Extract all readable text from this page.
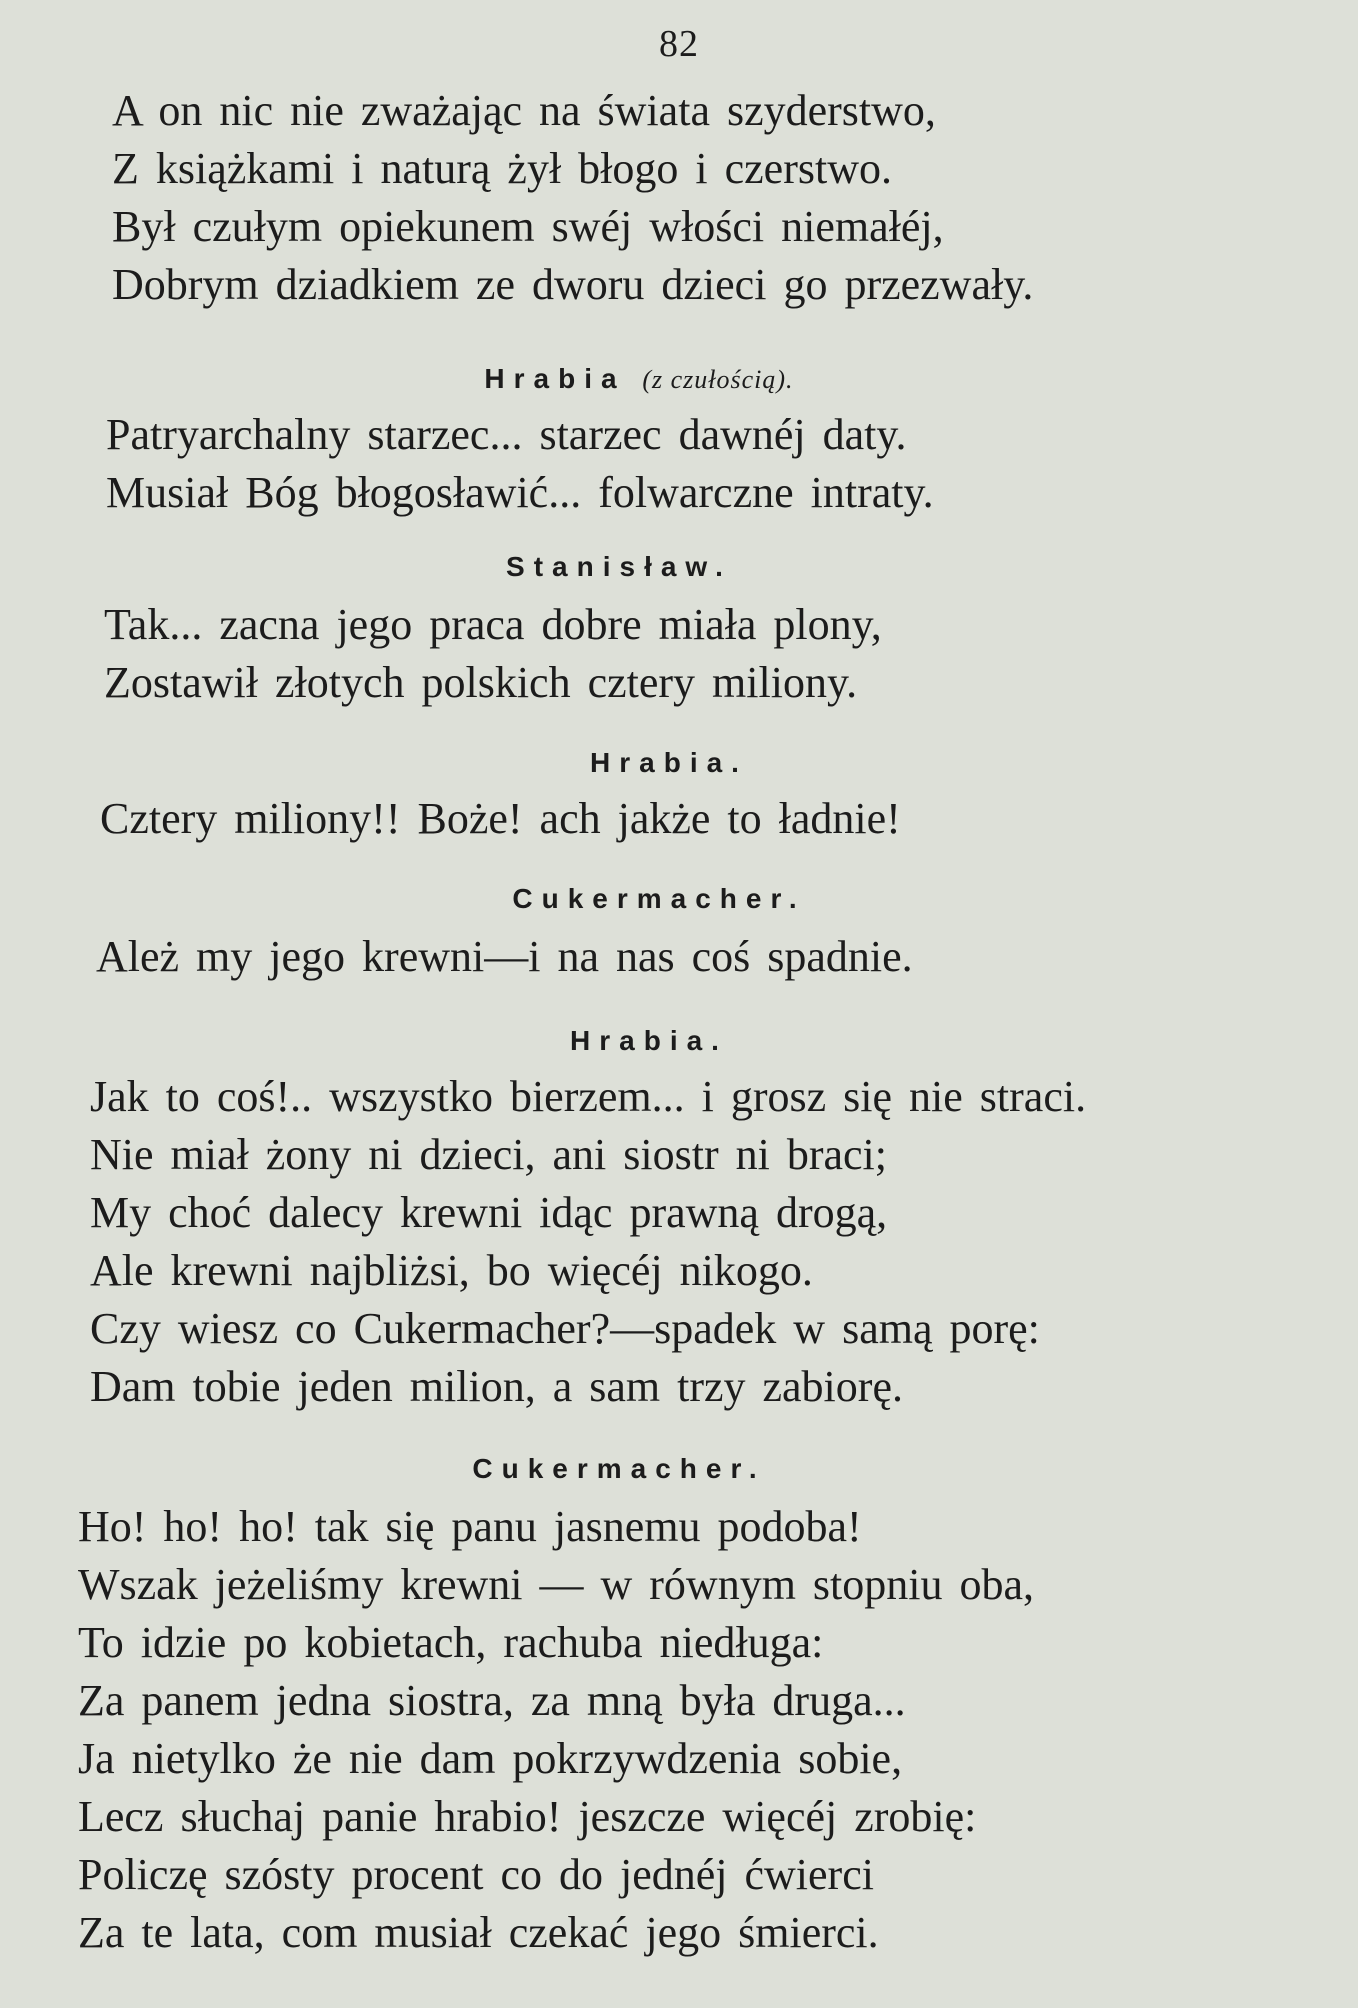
82
A on nic nie zważając na świata szyderstwo,
Z książkami i naturą żył błogo i czerstwo.
Był czułym opiekunem swéj włości niemałéj,
Dobrym dziadkiem ze dworu dzieci go przezwały.
Hrabia (z czułością).
Patryarchalny starzec... starzec dawnéj daty.
Musiał Bóg błogosławić... folwarczne intraty.
Stanisław.
Tak... zacna jego praca dobre miała plony,
Zostawił złotych polskich cztery miliony.
Hrabia.
Cztery miliony!! Boże! ach jakże to ładnie!
Cukermacher.
Ależ my jego krewni—i na nas coś spadnie.
Hrabia.
Jak to coś!.. wszystko bierzem... i grosz się nie straci.
Nie miał żony ni dzieci, ani siostr ni braci;
My choć dalecy krewni idąc prawną drogą,
Ale krewni najbliżsi, bo więcéj nikogo.
Czy wiesz co Cukermacher?—spadek w samą porę:
Dam tobie jeden milion, a sam trzy zabiorę.
Cukermacher.
Ho! ho! ho! tak się panu jasnemu podoba!
Wszak jeżeliśmy krewni — w równym stopniu oba,
To idzie po kobietach, rachuba niedługa:
Za panem jedna siostra, za mną była druga...
Ja nietylko że nie dam pokrzywdzenia sobie,
Lecz słuchaj panie hrabio! jeszcze więcéj zrobię:
Policzę szósty procent co do jednéj ćwierci
Za te lata, com musiał czekać jego śmierci.
